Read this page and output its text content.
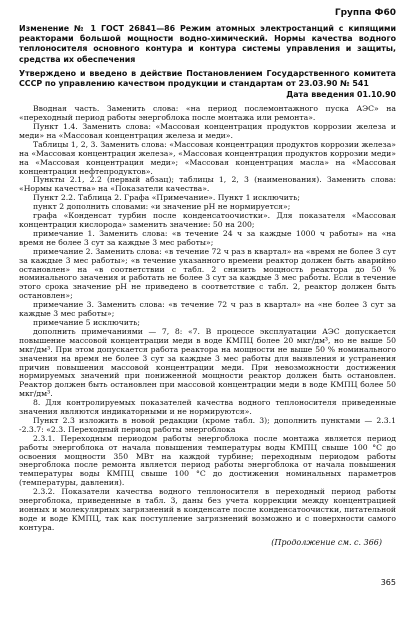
Группа Ф60

Изменение № 1 ГОСТ 26841—86 Режим атомных электростанций с кипящими реакторами большой мощности водно-химический. Нормы качества водного теплоносителя основного контура и контура системы управления и защиты, средства их обеспечения

Утверждено и введено в действие Постановлением Государственного комитета СССР по управлению качеством продукции и стандартам от 23.03.90 № 541
Дата введения 01.10.90

Вводная часть. Заменить слова: «на период послемонтажного пуска АЭС» на «переходный период работы энергоблока после монтажа или ремонта».

Пункт 1.4. Заменить слова: «Массовая концентрация продуктов коррозии железа и меди» на «Массовая концентрация железа и меди».

Таблицы 1, 2, 3. Заменить слова: «Массовая концентрация продуктов коррозии железа» на «Массовая концентрация железа», «Массовая концентрация продуктов коррозии меди» на «Массовая концентрация меди»; «Массовая концентрация масла» на «Массовая концентрация нефтепродуктов».

Пункты 2.1, 2.2 (первый абзац); таблицы 1, 2, 3 (наименования). Заменить слова: «Нормы качества» на «Показатели качества».

Пункт 2.2. Таблица 2. Графа «Примечание». Пункт 1 исключить;

пункт 2 дополнить словами: «и значение рН не нормируется»;

графа «Конденсат турбин после конденсатоочистки». Для показателя «Массовая концентрация кислорода» заменить значение: 50 на 200;

примечание 1. Заменить слова: «в течение 24 ч за каждые 1000 ч работы» на «на время не более 3 сут за каждые 3 мес работы»;

примечание 2. Заменить слова: «в течение 72 ч раз в квартал» на «время не более 3 сут за каждые 3 мес работы»; «в течение указанного времени реактор должен быть аварийно остановлен» на «в соответствии с табл. 2 снизить мощность реактора до 50 % номинального значения и работать не более 3 сут за каждые 3 мес работы. Если в течение этого срока значение рН не приведено в соответствие с табл. 2, реактор должен быть остановлен»;

примечание 3. Заменить слова: «в течение 72 ч раз в квартал» на «не более 3 сут за каждые 3 мес работы»;

примечание 5 исключить;

дополнить примечаниями — 7, 8: «7. В процессе эксплуатации АЭС допускается повышение массовой концентрации меди в воде КМПЦ более 20 мкг/дм³, но не выше 50 мкг/дм³. При этом допускается работа реактора на мощности не выше 50 % номинального значения на время не более 3 сут за каждые 3 мес работы для выявления и устранения причин повышения массовой концентрации меди. При невозможности достижения нормируемых значений при пониженной мощности реактор должен быть остановлен. Реактор должен быть остановлен при массовой концентрации меди в воде КМПЦ более 50 мкг/дм³.

8. Для контролируемых показателей качества водного теплоносителя приведенные значения являются индикаторными и не нормируются».

Пункт 2.3 изложить в новой редакции (кроме табл. 3); дополнить пунктами — 2.3.1 -2.3.7: «2.3. Переходный период работы энергоблока

2.3.1. Переходным периодом работы энергоблока после монтажа является период работы энергоблока от начала повышения температуры воды КМПЦ свыше 100 °С до освоения мощности 350 МВт на каждой турбине; переходным периодом работы энергоблока после ремонта является период работы энергоблока от начала повышения температуры воды КМПЦ свыше 100 °С до достижения номинальных параметров (температуры, давления).

2.3.2. Показатели качества водного теплоносителя в переходный период работы энергоблока, приведенные в табл. 3, даны без учета коррекции между концентрацией ионных и молекулярных загрязнений в конденсате после конденсатоочистки, питательной воде и воде КМПЦ, так как поступление загрязнений возможно и с поверхности самого контура.

(Продолжение см. с. 366)
365
